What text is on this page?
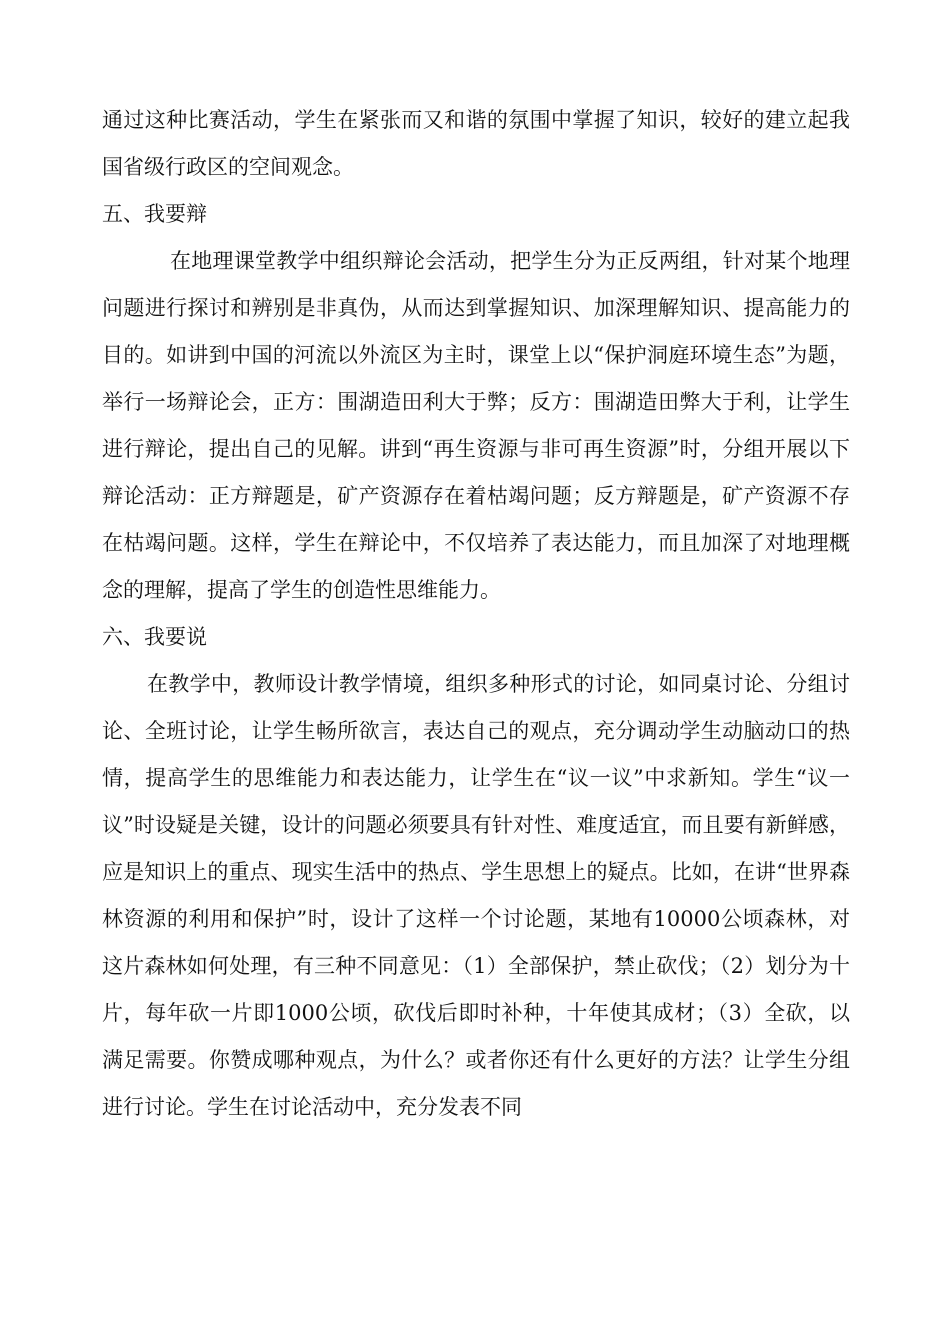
通过这种比赛活动，学生在紧张而又和谐的氛围中掌握了知识，较好的建立起我国省级行政区的空间观念。

五、我要辩

在地理课堂教学中组织辩论会活动，把学生分为正反两组，针对某个地理问题进行探讨和辨别是非真伪，从而达到掌握知识、加深理解知识、提高能力的目的。如讲到中国的河流以外流区为主时，课堂上以“保护洞庭环境生态”为题，举行一场辩论会，正方：围湖造田利大于弊；反方：围湖造田弊大于利，让学生进行辩论，提出自己的见解。讲到“再生资源与非可再生资源”时，分组开展以下辩论活动：正方辩题是，矿产资源存在着枯竭问题；反方辩题是，矿产资源不存在枯竭问题。这样，学生在辩论中，不仅培养了表达能力，而且加深了对地理概念的理解，提高了学生的创造性思维能力。

六、我要说

在教学中，教师设计教学情境，组织多种形式的讨论，如同桌讨论、分组讨论、全班讨论，让学生畅所欲言，表达自己的观点，充分调动学生动脑动口的热情，提高学生的思维能力和表达能力，让学生在“议一议”中求新知。学生“议一议”时设疑是关键，设计的问题必须要具有针对性、难度适宜，而且要有新鲜感，应是知识上的重点、现实生活中的热点、学生思想上的疑点。比如，在讲“世界森林资源的利用和保护”时，设计了这样一个讨论题，某地有10000公顷森林，对这片森林如何处理，有三种不同意见：（1）全部保护，禁止砍伐；（2）划分为十片，每年砍一片即1000公顷，砍伐后即时补种，十年使其成材；（3）全砍，以满足需要。你赞成哪种观点，为什么？或者你还有什么更好的方法？让学生分组进行讨论。学生在讨论活动中，充分发表不同
